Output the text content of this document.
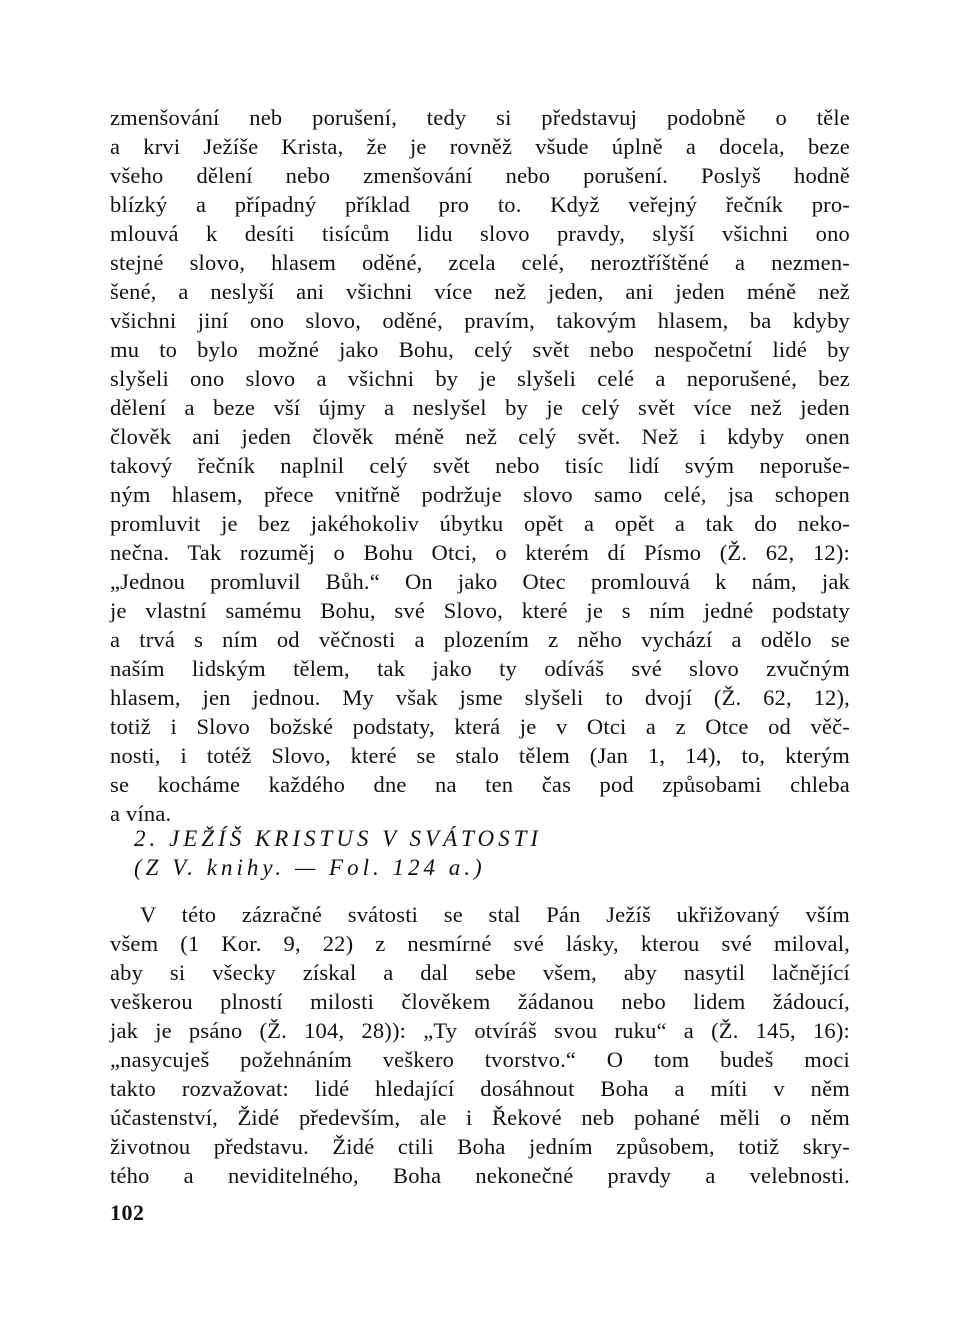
zmenšování neb porušení, tedy si představuj podobně o těle
a krvi Ježíše Krista, že je rovněž všude úplně a docela, beze
všeho dělení nebo zmenšování nebo porušení. Poslyš hodně
blízký a případný příklad pro to. Když veřejný řečník pro-
mlouvá k desíti tisícům lidu slovo pravdy, slyší všichni ono
stejné slovo, hlasem oděné, zcela celé, neroztříštěné a nezmen-
šené, a neslyší ani všichni více než jeden, ani jeden méně než
všichni jiní ono slovo, oděné, pravím, takovým hlasem, ba kdyby
mu to bylo možné jako Bohu, celý svět nebo nespočetní lidé by
slyšeli ono slovo a všichni by je slyšeli celé a neporušené, bez
dělení a beze vší újmy a neslyšel by je celý svět více než jeden
člověk ani jeden člověk méně než celý svět. Než i kdyby onen
takový řečník naplnil celý svět nebo tisíc lidí svým neporuše-
ným hlasem, přece vnitřně podržuje slovo samo celé, jsa schopen
promluvit je bez jakéhokoliv úbytku opět a opět a tak do neko-
nečna. Tak rozuměj o Bohu Otci, o kterém dí Písmo (Ž. 62, 12):
„Jednou promluvil Bůh.“ On jako Otec promlouvá k nám, jak
je vlastní samému Bohu, své Slovo, které je s ním jedné podstaty
a trvá s ním od věčnosti a plozením z něho vychází a odělo se
naším lidským tělem, tak jako ty odíváš své slovo zvučným
hlasem, jen jednou. My však jsme slyšeli to dvojí (Ž. 62, 12),
totiž i Slovo božské podstaty, která je v Otci a z Otce od věč-
nosti, i totéž Slovo, které se stalo tělem (Jan 1, 14), to, kterým
se kocháme každého dne na ten čas pod způsobami chleba
a vína.
2. JEŽÍŠ KRISTUS V SVÁTOSTI
(Z V. knihy. — Fol. 124 a.)
V této zázračné svátosti se stal Pán Ježíš ukřižovaný vším
všem (1 Kor. 9, 22) z nesmírné své lásky, kterou své miloval,
aby si všecky získal a dal sebe všem, aby nasytil lačnějící
veškerou plností milosti člověkem žádanou nebo lidem žádoucí,
jak je psáno (Ž. 104, 28)): „Ty otvíráš svou ruku“ a (Ž. 145, 16):
„nasycuješ požehnáním veškero tvorstvo.“ O tom budeš moci
takto rozvažovat: lidé hledající dosáhnout Boha a míti v něm
účastenství, Židé především, ale i Řekové neb pohané měli o něm
životnou představu. Židé ctili Boha jedním způsobem, totiž skry-
tého a neviditelného, Boha nekonečné pravdy a velebnosti.
102
